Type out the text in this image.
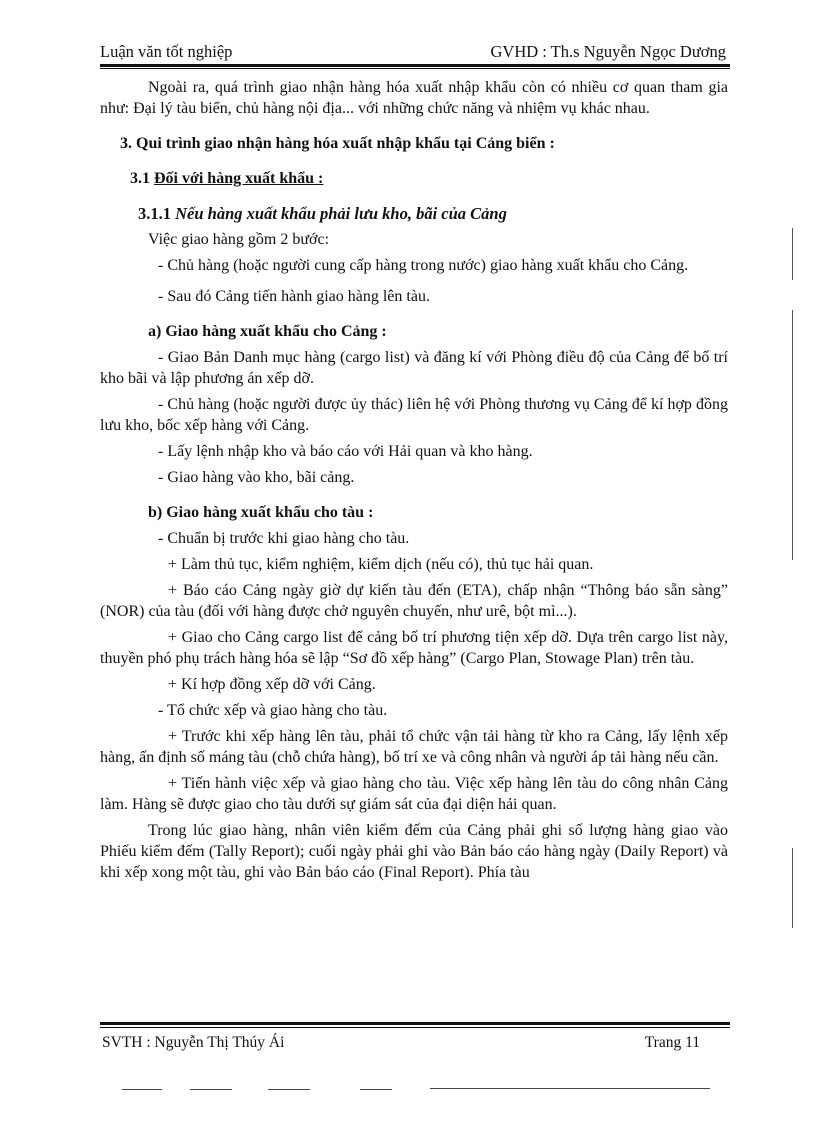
Luận văn tốt nghiệp	GVHD : Th.s Nguyễn Ngọc Dương

Ngoài ra, quá trình giao nhận hàng hóa xuất nhập khẩu còn có nhiều cơ quan tham gia như: Đại lý tàu biển, chủ hàng nội địa... với những chức năng và nhiệm vụ khác nhau.

3. Qui trình giao nhận hàng hóa xuất nhập khẩu tại Cảng biển :

3.1 Đối với hàng xuất khẩu :

3.1.1 Nếu hàng xuất khẩu phải lưu kho, bãi của Cảng

Việc giao hàng gồm 2 bước:

- Chủ hàng (hoặc người cung cấp hàng trong nước) giao hàng xuất khẩu cho Cảng.

- Sau đó Cảng tiến hành giao hàng lên tàu.

a) Giao hàng xuất khẩu cho Cảng :

- Giao Bản Danh mục hàng (cargo list) và đăng kí với Phòng điều độ của Cảng để bố trí kho bãi và lập phương án xếp dỡ.

- Chủ hàng (hoặc người được ủy thác) liên hệ với Phòng thương vụ Cảng để kí hợp đồng lưu kho, bốc xếp hàng với Cảng.

- Lấy lệnh nhập kho và báo cáo với Hải quan và kho hàng.

- Giao hàng vào kho, bãi cảng.

b) Giao hàng xuất khẩu cho tàu :

- Chuẩn bị trước khi giao hàng cho tàu.

+ Làm thủ tục, kiểm nghiệm, kiểm dịch (nếu có), thủ tục hải quan.

+ Báo cáo Cảng ngày giờ dự kiến tàu đến (ETA), chấp nhận “Thông báo sẵn sàng” (NOR) của tàu (đối với hàng được chở nguyên chuyến, như urê, bột mì...).

+ Giao cho Cảng cargo list để cảng bố trí phương tiện xếp dỡ. Dựa trên cargo list này, thuyền phó phụ trách hàng hóa sẽ lập “Sơ đồ xếp hàng” (Cargo Plan, Stowage Plan) trên tàu.

+ Kí hợp đồng xếp dỡ với Cảng.

- Tổ chức xếp và giao hàng cho tàu.

+ Trước khi xếp hàng lên tàu, phải tổ chức vận tải hàng từ kho ra Cảng, lấy lệnh xếp hàng, ấn định số máng tàu (chỗ chứa hàng), bố trí xe và công nhân và người áp tải hàng nếu cần.

+ Tiến hành việc xếp và giao hàng cho tàu. Việc xếp hàng lên tàu do công nhân Cảng làm. Hàng sẽ được giao cho tàu dưới sự giám sát của đại diện hải quan.

Trong lúc giao hàng, nhân viên kiểm đếm của Cảng phải ghi số lượng hàng giao vào Phiếu kiểm đếm (Tally Report); cuối ngày phải ghi vào Bản báo cáo hàng ngày (Daily Report) và khi xếp xong một tàu, ghi vào Bản báo cáo (Final Report). Phía tàu

SVTH : Nguyễn Thị Thúy Ái	Trang 11
